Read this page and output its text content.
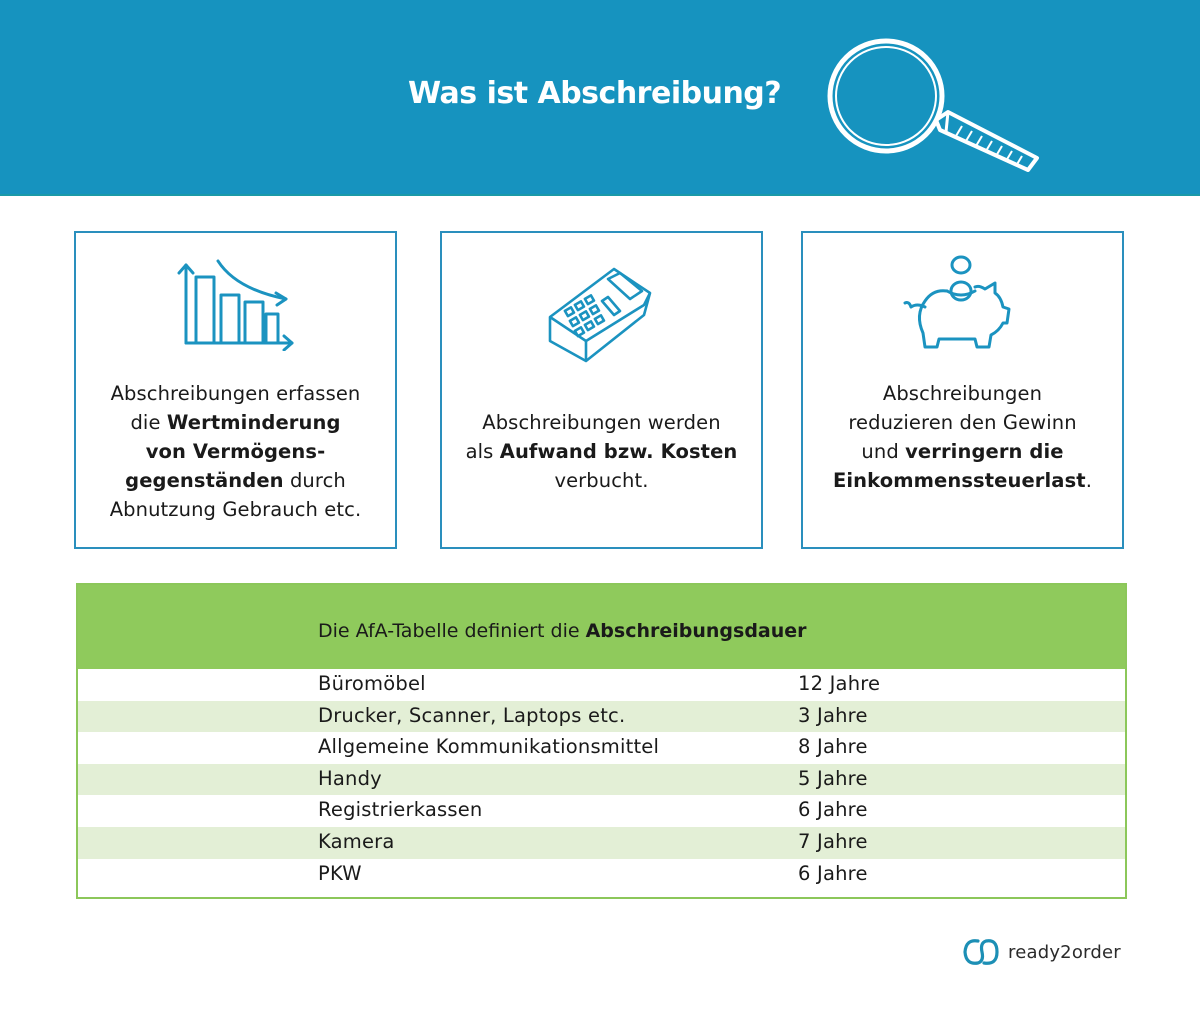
Was ist Abschreibung?
Abschreibungen erfassen
die Wertminderung
von Vermögens-
gegenständen durch
Abnutzung Gebrauch etc.
Abschreibungen werden
als Aufwand bzw. Kosten
verbucht.
Abschreibungen
reduzieren den Gewinn
und verringern die
Einkommenssteuerlast.
Die AfA-Tabelle definiert die Abschreibungsdauer
Büromöbel	12 Jahre
Drucker, Scanner, Laptops etc.	3 Jahre
Allgemeine Kommunikationsmittel	8 Jahre
Handy	5 Jahre
Registrierkassen	6 Jahre
Kamera	7 Jahre
PKW	6 Jahre
ready2order
